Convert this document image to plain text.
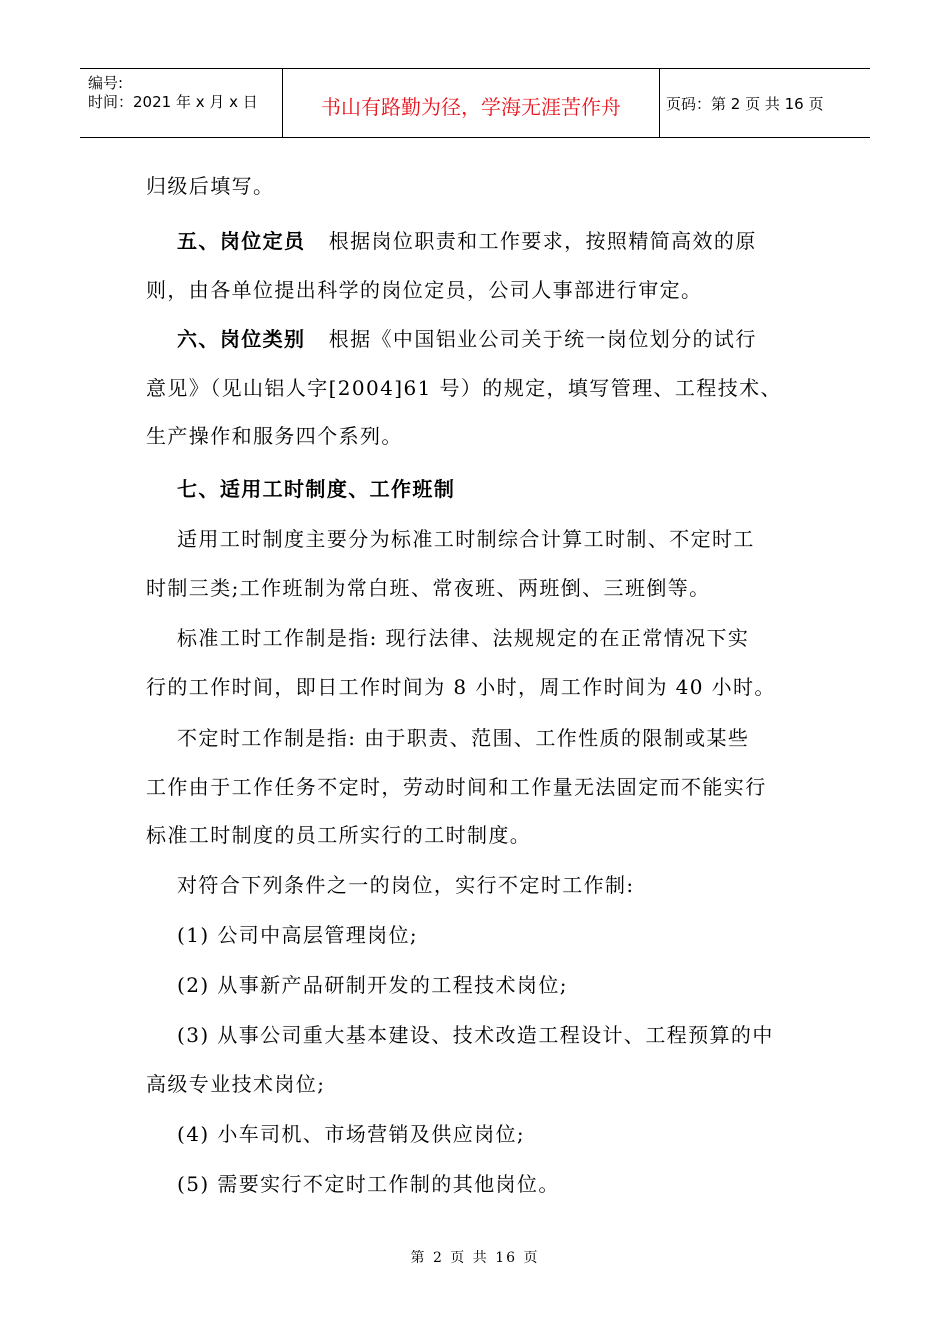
编号:
时间：2021 年 x 月 x 日	书山有路勤为径，学海无涯苦作舟	页码：第 2 页 共 16 页
归级后填写。
五、岗位定员 根据岗位职责和工作要求，按照精简高效的原
则，由各单位提出科学的岗位定员，公司人事部进行审定。
六、岗位类别 根据《中国铝业公司关于统一岗位划分的试行
意见》（见山铝人字[2004]61 号）的规定，填写管理、工程技术、
生产操作和服务四个系列。
七、适用工时制度、工作班制
适用工时制度主要分为标准工时制综合计算工时制、不定时工
时制三类;工作班制为常白班、常夜班、两班倒、三班倒等。
标准工时工作制是指: 现行法律、法规规定的在正常情况下实
行的工作时间，即日工作时间为 8 小时，周工作时间为 40 小时。
不定时工作制是指: 由于职责、范围、工作性质的限制或某些
工作由于工作任务不定时，劳动时间和工作量无法固定而不能实行
标准工时制度的员工所实行的工时制度。
对符合下列条件之一的岗位，实行不定时工作制:
(1) 公司中高层管理岗位;
(2) 从事新产品研制开发的工程技术岗位;
(3) 从事公司重大基本建设、技术改造工程设计、工程预算的中
高级专业技术岗位;
(4) 小车司机、市场营销及供应岗位;
(5) 需要实行不定时工作制的其他岗位。
第 2 页 共 16 页
